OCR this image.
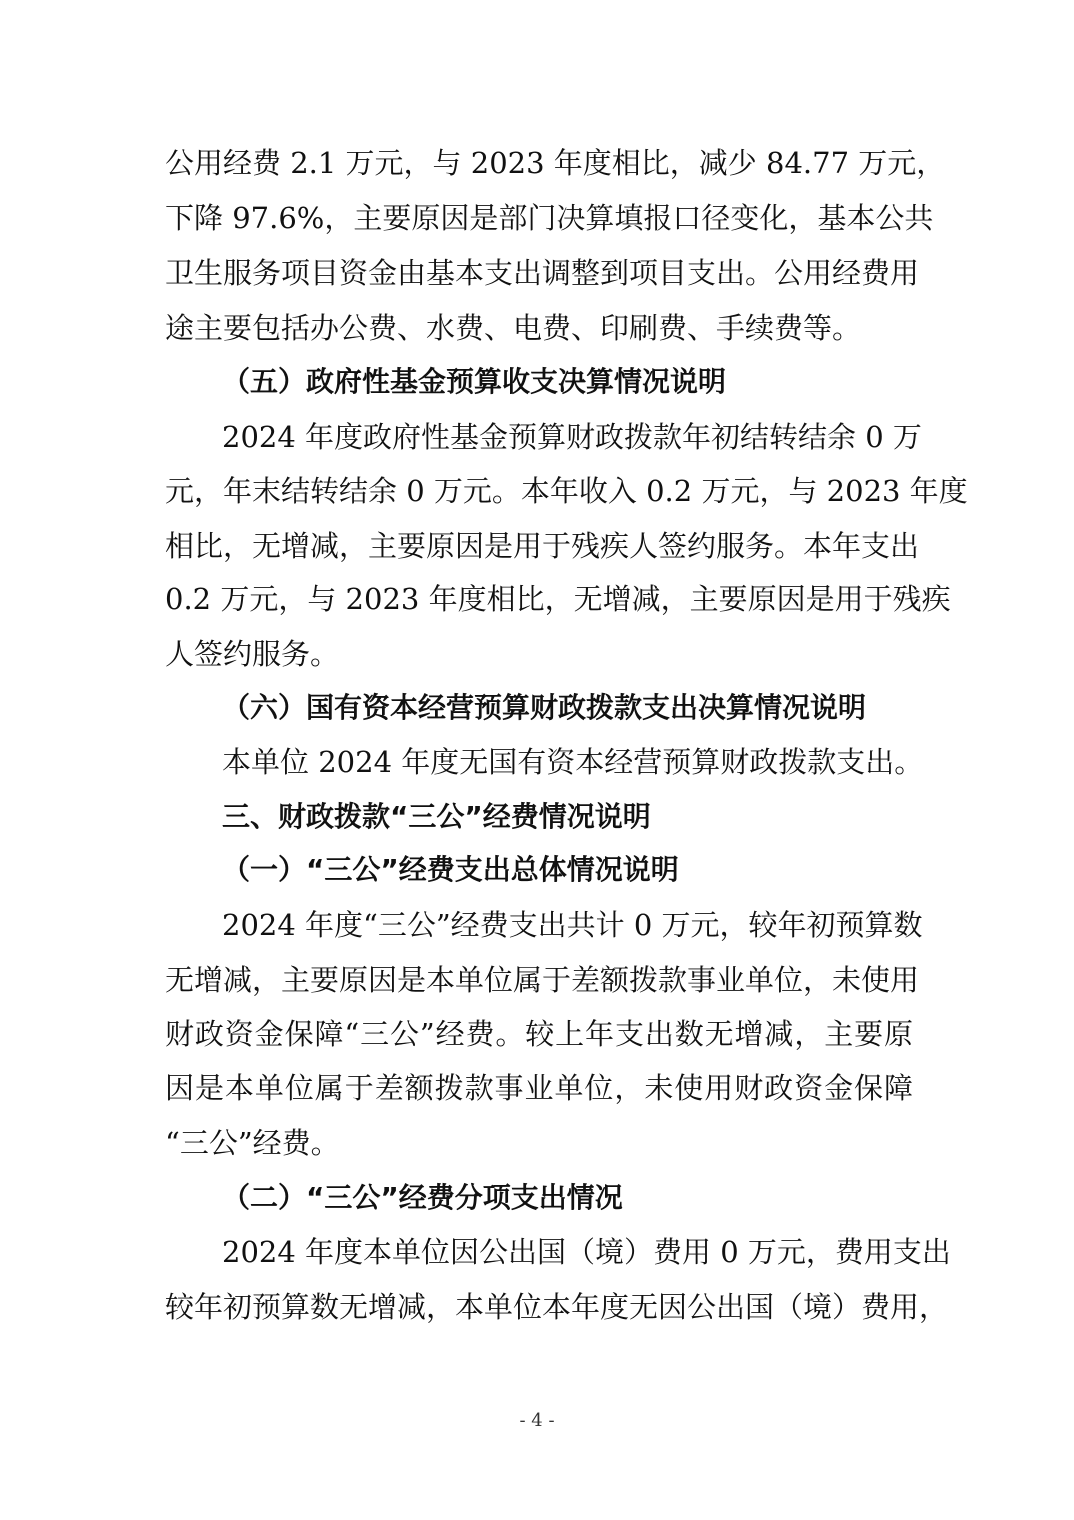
公用经费 2.1 万元，与 2023 年度相比，减少 84.77 万元，
下降 97.6%，主要原因是部门决算填报口径变化，基本公共
卫生服务项目资金由基本支出调整到项目支出。公用经费用
途主要包括办公费、水费、电费、印刷费、手续费等。
（五）政府性基金预算收支决算情况说明
2024 年度政府性基金预算财政拨款年初结转结余 0 万
元，年末结转结余 0 万元。本年收入 0.2 万元，与 2023 年度
相比，无增减，主要原因是用于残疾人签约服务。本年支出
0.2 万元，与 2023 年度相比，无增减，主要原因是用于残疾
人签约服务。
（六）国有资本经营预算财政拨款支出决算情况说明
本单位 2024 年度无国有资本经营预算财政拨款支出。
三、财政拨款“三公”经费情况说明
（一）“三公”经费支出总体情况说明
2024 年度“三公”经费支出共计 0 万元，较年初预算数
无增减，主要原因是本单位属于差额拨款事业单位，未使用
财政资金保障“三公”经费。较上年支出数无增减，主要原
因是本单位属于差额拨款事业单位，未使用财政资金保障
“三公”经费。
（二）“三公”经费分项支出情况
2024 年度本单位因公出国（境）费用 0 万元，费用支出
较年初预算数无增减，本单位本年度无因公出国（境）费用，
- 4 -
